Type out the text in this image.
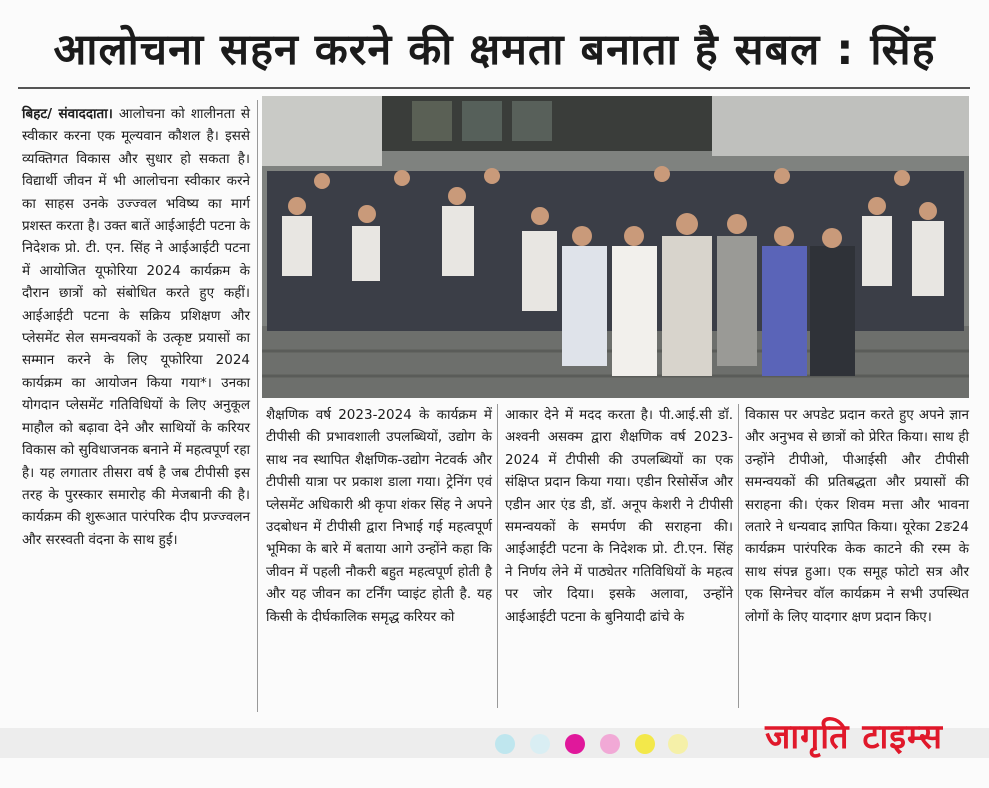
आलोचना सहन करने की क्षमता बनाता है सबल : सिंह

बिहट/ संवाददाता। आलोचना को शालीनता से स्वीकार करना एक मूल्यवान कौशल है। इससे व्यक्तिगत विकास और सुधार हो सकता है। विद्यार्थी जीवन में भी आलोचना स्वीकार करने का साहस उनके उज्ज्वल भविष्य का मार्ग प्रशस्त करता है। उक्त बातें आईआईटी पटना के निदेशक प्रो. टी. एन. सिंह ने आईआईटी पटना में आयोजित यूफोरिया 2024 कार्यक्रम के दौरान छात्रों को संबोधित करते हुए कहीं। आईआईटी पटना के सक्रिय प्रशिक्षण और प्लेसमेंट सेल समन्वयकों के उत्कृष्ट प्रयासों का सम्मान करने के लिए यूफोरिया 2024 कार्यक्रम का आयोजन किया गया*। उनका योगदान प्लेसमेंट गतिविधियों के लिए अनुकूल माहौल को बढ़ावा देने और साथियों के करियर विकास को सुविधाजनक बनाने में महत्वपूर्ण रहा है। यह लगातार तीसरा वर्ष है जब टीपीसी इस तरह के पुरस्कार समारोह की मेजबानी की है।कार्यक्रम की शुरूआत पारंपरिक दीप प्रज्ज्वलन और सरस्वती वंदना के साथ हुई।

शैक्षणिक वर्ष 2023-2024 के कार्यक्रम में टीपीसी की प्रभावशाली उपलब्धियों, उद्योग के साथ नव स्थापित शैक्षणिक-उद्योग नेटवर्क और टीपीसी यात्रा पर प्रकाश डाला गया। ट्रेनिंग एवं प्लेसमेंट अधिकारी श्री कृपा शंकर सिंह ने अपने उदबोधन में टीपीसी द्वारा निभाई गई महत्वपूर्ण भूमिका के बारे में बताया आगे उन्होंने कहा कि जीवन में पहली नौकरी बहुत महत्वपूर्ण होती है और यह जीवन का टर्निंग प्वाइंट होती है. यह किसी के दीर्घकालिक समृद्ध करियर को

आकार देने में मदद करता है। पी.आई.सी डॉ. अश्वनी असक्म द्वारा शैक्षणिक वर्ष 2023-2024 में टीपीसी की उपलब्धियों का एक संक्षिप्त प्रदान किया गया। एडीन रिसोर्सेज और एडीन आर एंड डी, डॉ. अनूप केशरी ने टीपीसी समन्वयकों के समर्पण की सराहना की।आईआईटी पटना के निदेशक प्रो. टी.एन. सिंह ने निर्णय लेने में पाठ्येतर गतिविधियों के महत्व पर जोर दिया। इसके अलावा, उन्होंने आईआईटी पटना के बुनियादी ढांचे के

विकास पर अपडेट प्रदान करते हुए अपने ज्ञान और अनुभव से छात्रों को प्रेरित किया। साथ ही उन्होंने टीपीओ, पीआईसी और टीपीसी समन्वयकों की प्रतिबद्धता और प्रयासों की सराहना की। एंकर शिवम मत्ता और भावना लतारे ने धन्यवाद ज्ञापित किया। यूरेका 2ङ24 कार्यक्रम पारंपरिक केक काटने की रस्म के साथ संपन्न हुआ। एक समूह फोटो सत्र और एक सिग्नेचर वॉल कार्यक्रम ने सभी उपस्थित लोगों के लिए यादगार क्षण प्रदान किए।

जागृति टाइम्स
